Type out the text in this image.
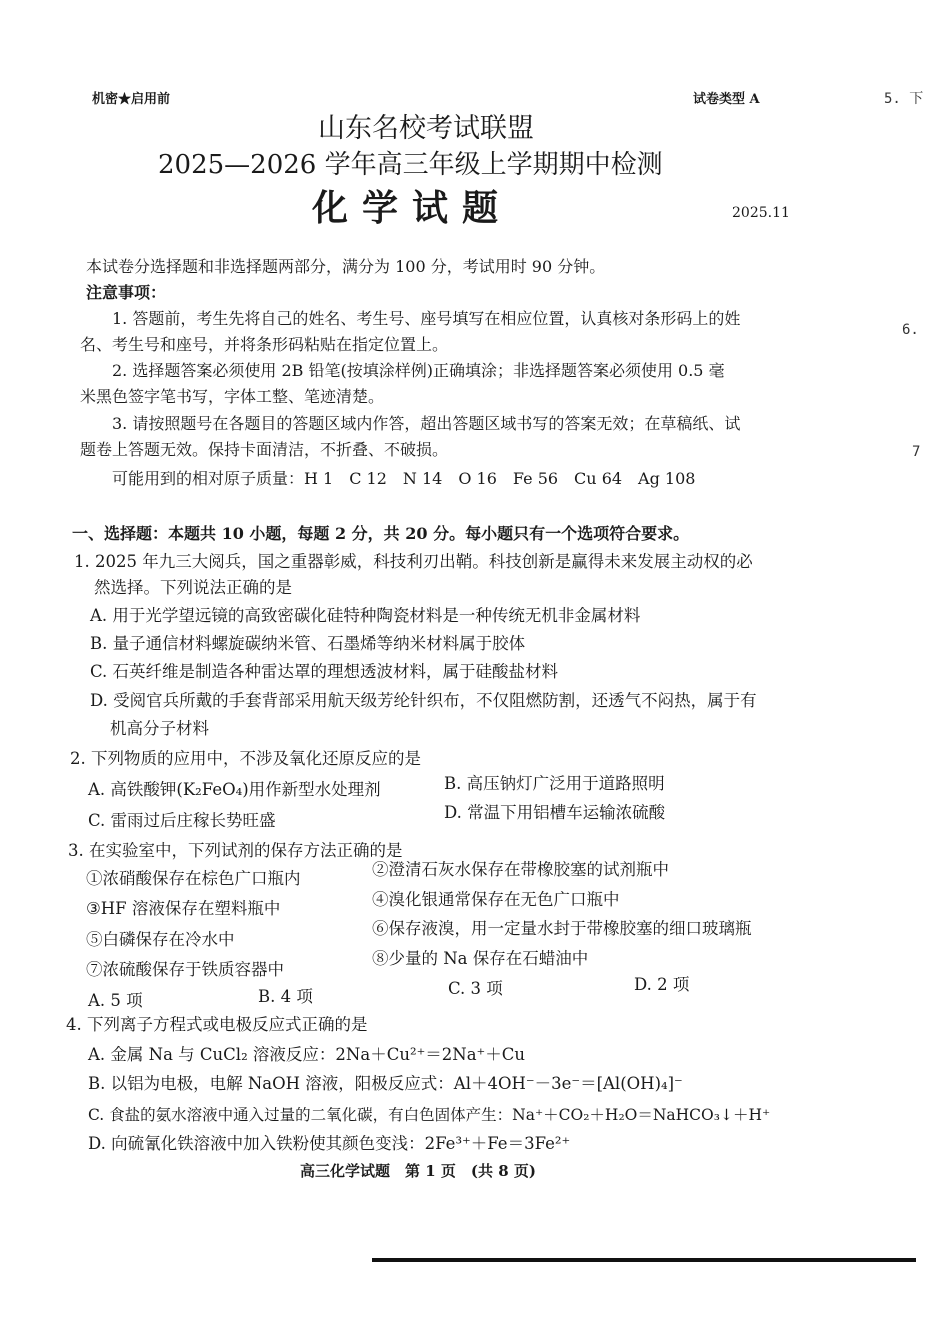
机密★启用前	试卷类型 A
山东名校考试联盟
2025—2026 学年高三年级上学期期中检测
化学试题	2025.11
本试卷分选择题和非选择题两部分，满分为 100 分，考试用时 90 分钟。
注意事项：
1. 答题前，考生先将自己的姓名、考生号、座号填写在相应位置，认真核对条形码上的姓
名、考生号和座号，并将条形码粘贴在指定位置上。
2. 选择题答案必须使用 2B 铅笔(按填涂样例)正确填涂；非选择题答案必须使用 0.5 毫
米黑色签字笔书写，字体工整、笔迹清楚。
3. 请按照题号在各题目的答题区域内作答，超出答题区域书写的答案无效；在草稿纸、试
题卷上答题无效。保持卡面清洁，不折叠、不破损。
可能用到的相对原子质量：H 1　C 12　N 14　O 16　Fe 56　Cu 64　Ag 108
一、选择题：本题共 10 小题，每题 2 分，共 20 分。每小题只有一个选项符合要求。
1. 2025 年九三大阅兵，国之重器彰威，科技利刃出鞘。科技创新是赢得未来发展主动权的必
然选择。下列说法正确的是
A. 用于光学望远镜的高致密碳化硅特种陶瓷材料是一种传统无机非金属材料
B. 量子通信材料螺旋碳纳米管、石墨烯等纳米材料属于胶体
C. 石英纤维是制造各种雷达罩的理想透波材料，属于硅酸盐材料
D. 受阅官兵所戴的手套背部采用航天级芳纶针织布，不仅阻燃防割，还透气不闷热，属于有
机高分子材料
2. 下列物质的应用中，不涉及氧化还原反应的是
A. 高铁酸钾(K₂FeO₄)用作新型水处理剂	B. 高压钠灯广泛用于道路照明
C. 雷雨过后庄稼长势旺盛	D. 常温下用铝槽车运输浓硫酸
3. 在实验室中，下列试剂的保存方法正确的是
①浓硝酸保存在棕色广口瓶内	②澄清石灰水保存在带橡胶塞的试剂瓶中
③HF 溶液保存在塑料瓶中	④溴化银通常保存在无色广口瓶中
⑤白磷保存在冷水中
⑥保存液溴，用一定量水封于带橡胶塞的细口玻璃瓶
⑦浓硫酸保存于铁质容器中
⑧少量的 Na 保存在石蜡油中
A. 5 项	B. 4 项	C. 3 项	D. 2 项
4. 下列离子方程式或电极反应式正确的是
A. 金属 Na 与 CuCl₂ 溶液反应：2Na＋Cu²⁺＝2Na⁺＋Cu
B. 以铝为电极，电解 NaOH 溶液，阳极反应式：Al＋4OH⁻－3e⁻＝[Al(OH)₄]⁻
C. 食盐的氨水溶液中通入过量的二氧化碳，有白色固体产生：Na⁺＋CO₂＋H₂O＝NaHCO₃↓＋H⁺
D. 向硫氰化铁溶液中加入铁粉使其颜色变浅：2Fe³⁺＋Fe＝3Fe²⁺
高三化学试题　第 1 页　(共 8 页)
5. 下
6.
7
